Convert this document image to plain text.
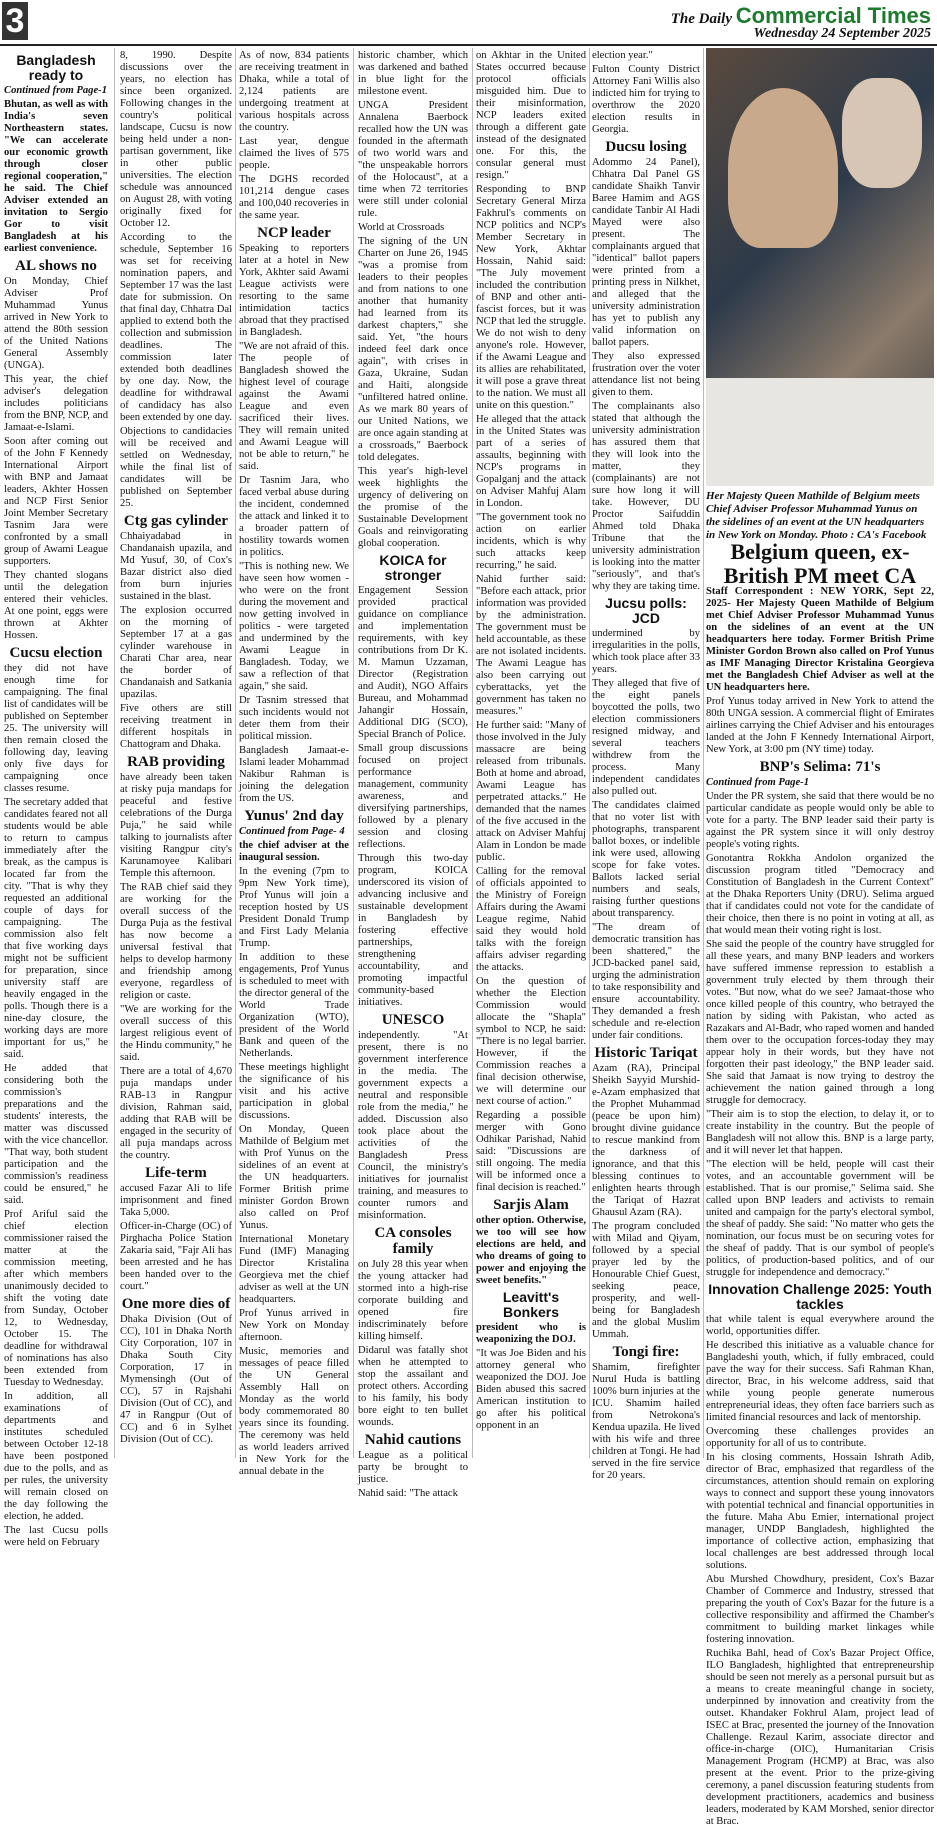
3	The Daily Commercial Times
Wednesday 24 September 2025
Bangladesh ready to

Continued from Page-1

Bhutan, as well as with India's seven Northeastern states. "We can accelerate our economic growth through closer regional cooperation," he said. The Chief Adviser extended an invitation to Sergio Gor to visit Bangladesh at his earliest convenience.

AL shows no

On Monday, Chief Adviser Prof Muhammad Yunus arrived in New York to attend the 80th session of the United Nations General Assembly (UNGA).

This year, the chief adviser's delegation includes politicians from the BNP, NCP, and Jamaat-e-Islami.

Soon after coming out of the John F Kennedy International Airport with BNP and Jamaat leaders, Akhter Hossen and NCP First Senior Joint Member Secretary Tasnim Jara were confronted by a small group of Awami League supporters.

They chanted slogans until the delegation entered their vehicles. At one point, eggs were thrown at Akhter Hossen.

Cucsu election

they did not have enough time for campaigning. The final list of candidates will be published on September 25. The university will then remain closed the following day, leaving only five days for campaigning once classes resume.

The secretary added that candidates feared not all students would be able to return to campus immediately after the break, as the campus is located far from the city. "That is why they requested an additional couple of days for campaigning. The commission also felt that five working days might not be sufficient for preparation, since university staff are heavily engaged in the polls. Though there is a nine-day closure, the working days are more important for us," he said.

He added that considering both the commission's preparations and the students' interests, the matter was discussed with the vice chancellor. "That way, both student participation and the commission's readiness could be ensured," he said.

Prof Ariful said the chief election commissioner raised the matter at the commission meeting, after which members unanimously decided to shift the voting date from Sunday, October 12, to Wednesday, October 15. The deadline for withdrawal of nominations has also been extended from Tuesday to Wednesday.

In addition, all examinations of departments and institutes scheduled between October 12-18 have been postponed due to the polls, and as per rules, the university will remain closed on the day following the election, he added.

The last Cucsu polls were held on February

8, 1990. Despite discussions over the years, no election has since been organized. Following changes in the country's political landscape, Cucsu is now being held under a non-partisan government, like in other public universities. The election schedule was announced on August 28, with voting originally fixed for October 12.

According to the schedule, September 16 was set for receiving nomination papers, and September 17 was the last date for submission. On that final day, Chhatra Dal applied to extend both the collection and submission deadlines. The commission later extended both deadlines by one day. Now, the deadline for withdrawal of candidacy has also been extended by one day.

Objections to candidacies will be received and settled on Wednesday, while the final list of candidates will be published on September 25.

Ctg gas cylinder

Chhaiyadabad in Chandanaish upazila, and Md Yusuf, 30, of Cox's Bazar district also died from burn injuries sustained in the blast.

The explosion occurred on the morning of September 17 at a gas cylinder warehouse in Charati Char area, near the border of Chandanaish and Satkania upazilas.

Five others are still receiving treatment in different hospitals in Chattogram and Dhaka.

RAB providing

have already been taken at risky puja mandaps for peaceful and festive celebrations of the Durga Puja," he said while talking to journalists after visiting Rangpur city's Karunamoyee Kalibari Temple this afternoon.

The RAB chief said they are working for the overall success of the Durga Puja as the festival has now become a universal festival that helps to develop harmony and friendship among everyone, regardless of religion or caste.

"We are working for the overall success of this largest religious event of the Hindu community," he said.

There are a total of 4,670 puja mandaps under RAB-13 in Rangpur division, Rahman said, adding that RAB will be engaged in the security of all puja mandaps across the country.

Life-term

accused Fazar Ali to life imprisonment and fined Taka 5,000.

Officer-in-Charge (OC) of Pirghacha Police Station Zakaria said, "Fajr Ali has been arrested and he has been handed over to the court."

One more dies of

Dhaka Division (Out of CC), 101 in Dhaka North City Corporation, 107 in Dhaka South City Corporation, 17 in Mymensingh (Out of CC), 57 in Rajshahi Division (Out of CC), and 47 in Rangpur (Out of CC) and 6 in Sylhet Division (Out of CC).

As of now, 834 patients are receiving treatment in Dhaka, while a total of 2,124 patients are undergoing treatment at various hospitals across the country.

Last year, dengue claimed the lives of 575 people.

The DGHS recorded 101,214 dengue cases and 100,040 recoveries in the same year.

NCP leader

Speaking to reporters later at a hotel in New York, Akhter said Awami League activists were resorting to the same intimidation tactics abroad that they practised in Bangladesh.

"We are not afraid of this. The people of Bangladesh showed the highest level of courage against the Awami League and even sacrificed their lives. They will remain united and Awami League will not be able to return," he said.

Dr Tasnim Jara, who faced verbal abuse during the incident, condemned the attack and linked it to a broader pattern of hostility towards women in politics.

"This is nothing new. We have seen how women - who were on the front during the movement and now getting involved in politics - were targeted and undermined by the Awami League in Bangladesh. Today, we saw a reflection of that again," she said.

Dr Tasnim stressed that such incidents would not deter them from their political mission.

Bangladesh Jamaat-e-Islami leader Mohammad Nakibur Rahman is joining the delegation from the US.

Yunus' 2nd day

Continued from Page- 4

the chief adviser at the inaugural session.

In the evening (7pm to 9pm New York time), Prof Yunus will join a reception hosted by US President Donald Trump and First Lady Melania Trump.

In addition to these engagements, Prof Yunus is scheduled to meet with the director general of the World Trade Organization (WTO), president of the World Bank and queen of the Netherlands.

These meetings highlight the significance of his visit and his active participation in global discussions.

On Monday, Queen Mathilde of Belgium met with Prof Yunus on the sidelines of an event at the UN headquarters. Former British prime minister Gordon Brown also called on Prof Yunus.

International Monetary Fund (IMF) Managing Director Kristalina Georgieva met the chief adviser as well at the UN headquarters.

Prof Yunus arrived in New York on Monday afternoon.

Music, memories and messages of peace filled the UN General Assembly Hall on Monday as the world body commemorated 80 years since its founding. The ceremony was held as world leaders arrived in New York for the annual debate in the

historic chamber, which was darkened and bathed in blue light for the milestone event.

UNGA President Annalena Baerbock recalled how the UN was founded in the aftermath of two world wars and "the unspeakable horrors of the Holocaust", at a time when 72 territories were still under colonial rule.

World at Crossroads

The signing of the UN Charter on June 26, 1945 "was a promise from leaders to their peoples and from nations to one another that humanity had learned from its darkest chapters," she said. Yet, "the hours indeed feel dark once again", with crises in Gaza, Ukraine, Sudan and Haiti, alongside "unfiltered hatred online. As we mark 80 years of our United Nations, we are once again standing at a crossroads," Baerbock told delegates.

This year's high-level week highlights the urgency of delivering on the promise of the Sustainable Development Goals and reinvigorating global cooperation.

KOICA for stronger

Engagement Session provided practical guidance on compliance and implementation requirements, with key contributions from Dr K. M. Mamun Uzzaman, Director (Registration and Audit), NGO Affairs Bureau, and Mohammad Jahangir Hossain, Additional DIG (SCO), Special Branch of Police.

Small group discussions focused on project performance management, community awareness, and diversifying partnerships, followed by a plenary session and closing reflections.

Through this two-day program, KOICA underscored its vision of advancing inclusive and sustainable development in Bangladesh by fostering effective partnerships, strengthening accountability, and promoting impactful community-based initiatives.

UNESCO

independently. "At present, there is no government interference in the media. The government expects a neutral and responsible role from the media," he added. Discussion also took place about the activities of the Bangladesh Press Council, the ministry's initiatives for journalist training, and measures to counter rumors and misinformation.

CA consoles family

on July 28 this year when the young attacker had stormed into a high-rise corporate building and opened fire indiscriminately before killing himself.

Didarul was fatally shot when he attempted to stop the assailant and protect others. According to his family, his body bore eight to ten bullet wounds.

Nahid cautions

League as a political party be brought to justice.

Nahid said: "The attack

on Akhtar in the United States occurred because protocol officials misguided him. Due to their misinformation, NCP leaders exited through a different gate instead of the designated one. For this, the consular general must resign."

Responding to BNP Secretary General Mirza Fakhrul's comments on NCP politics and NCP's Member Secretary in New York, Akhtar Hossain, Nahid said: "The July movement included the contribution of BNP and other anti-fascist forces, but it was NCP that led the struggle. We do not wish to deny anyone's role. However, if the Awami League and its allies are rehabilitated, it will pose a grave threat to the nation. We must all unite on this question."

He alleged that the attack in the United States was part of a series of assaults, beginning with NCP's programs in Gopalganj and the attack on Adviser Mahfuj Alam in London.

"The government took no action on earlier incidents, which is why such attacks keep recurring," he said.

Nahid further said: "Before each attack, prior information was provided by the administration. The government must be held accountable, as these are not isolated incidents. The Awami League has also been carrying out cyberattacks, yet the government has taken no measures."

He further said: "Many of those involved in the July massacre are being released from tribunals. Both at home and abroad, Awami League has perpetrated attacks." He demanded that the names of the five accused in the attack on Adviser Mahfuj Alam in London be made public.

Calling for the removal of officials appointed to the Ministry of Foreign Affairs during the Awami League regime, Nahid said they would hold talks with the foreign affairs adviser regarding the attacks.

On the question of whether the Election Commission would allocate the "Shapla" symbol to NCP, he said: "There is no legal barrier. However, if the Commission reaches a final decision otherwise, we will determine our next course of action."

Regarding a possible merger with Gono Odhikar Parishad, Nahid said: "Discussions are still ongoing. The media will be informed once a final decision is reached."

Sarjis Alam

other option. Otherwise, we too will see how elections are held, and who dreams of going to power and enjoying the sweet benefits."

Leavitt's Bonkers

president who is weaponizing the DOJ.

"It was Joe Biden and his attorney general who weaponized the DOJ. Joe Biden abused this sacred American institution to go after his political opponent in an

election year."

Fulton County District Attorney Fani Willis also indicted him for trying to overthrow the 2020 election results in Georgia.

Ducsu losing

Adommo 24 Panel), Chhatra Dal Panel GS candidate Shaikh Tanvir Baree Hamim and AGS candidate Tanbir Al Hadi Mayed were also present. The complainants argued that "identical" ballot papers were printed from a printing press in Nilkhet, and alleged that the university administration has yet to publish any valid information on ballot papers.

They also expressed frustration over the voter attendance list not being given to them.

The complainants also stated that although the university administration has assured them that they will look into the matter, they (complainants) are not sure how long it will take. However, DU Proctor Saifuddin Ahmed told Dhaka Tribune that the university administration is looking into the matter "seriously", and that's why they are taking time.

Jucsu polls: JCD

undermined by irregularities in the polls, which took place after 33 years.

They alleged that five of the eight panels boycotted the polls, two election commissioners resigned midway, and several teachers withdrew from the process. Many independent candidates also pulled out.

The candidates claimed that no voter list with photographs, transparent ballot boxes, or indelible ink were used, allowing scope for fake votes. Ballots lacked serial numbers and seals, raising further questions about transparency.

"The dream of democratic transition has been shattered," the JCD-backed panel said, urging the administration to take responsibility and ensure accountability. They demanded a fresh schedule and re-election under fair conditions.

Historic Tariqat

Azam (RA), Principal Sheikh Sayyid Murshid-e-Azam emphasized that the Prophet Muhammad (peace be upon him) brought divine guidance to rescue mankind from the darkness of ignorance, and that this blessing continues to enlighten hearts through the Tariqat of Hazrat Ghausul Azam (RA).

The program concluded with Milad and Qiyam, followed by a special prayer led by the Honourable Chief Guest, seeking peace, prosperity, and well-being for Bangladesh and the global Muslim Ummah.

Tongi fire:

Shamim, firefighter Nurul Huda is battling 100% burn injuries at the ICU. Shamim hailed from Netrokona's Kendua upazila. He lived with his wife and three children at Tongi. He had served in the fire service for 20 years.

Her Majesty Queen Mathilde of Belgium meets Chief Adviser Professor Muhammad Yunus on the sidelines of an event at the UN headquarters in New York on Monday. Photo : CA's Facebook
Belgium queen, ex-British PM meet CA

Staff Correspondent : NEW YORK, Sept 22, 2025- Her Majesty Queen Mathilde of Belgium met Chief Adviser Professor Muhammad Yunus on the sidelines of an event at the UN headquarters here today. Former British Prime Minister Gordon Brown also called on Prof Yunus as IMF Managing Director Kristalina Georgieva met the Bangladesh Chief Adviser as well at the UN headquarters here.

Prof Yunus today arrived in New York to attend the 80th UNGA session. A commercial flight of Emirates airlines carrying the Chief Adviser and his entourages landed at the John F Kennedy International Airport, New York, at 3:00 pm (NY time) today.

BNP's Selima: 71's

Continued from Page-1

Under the PR system, she said that there would be no particular candidate as people would only be able to vote for a party. The BNP leader said their party is against the PR system since it will only destroy people's voting rights.

Gonotantra Rokkha Andolon organized the discussion program titled "Democracy and Constitution of Bangladesh in the Current Context" at the Dhaka Reporters Unity (DRU). Selima argued that if candidates could not vote for the candidate of their choice, then there is no point in voting at all, as that would mean their voting right is lost.

She said the people of the country have struggled for all these years, and many BNP leaders and workers have suffered immense repression to establish a government truly elected by them through their votes. "But now, what do we see? Jamaat-those who once killed people of this country, who betrayed the nation by siding with Pakistan, who acted as Razakars and Al-Badr, who raped women and handed them over to the occupation forces-today they may appear holy in their words, but they have not forgotten their past ideology," the BNP leader said. She said that Jamaat is now trying to destroy the achievement the nation gained through a long struggle for democracy.

"Their aim is to stop the election, to delay it, or to create instability in the country. But the people of Bangladesh will not allow this. BNP is a large party, and it will never let that happen.

"The election will be held, people will cast their votes, and an accountable government will be established. That is our promise," Selima said. She called upon BNP leaders and activists to remain united and campaign for the party's electoral symbol, the sheaf of paddy. She said: "No matter who gets the nomination, our focus must be on securing votes for the sheaf of paddy. That is our symbol of people's politics, of production-based politics, and of our struggle for independence and democracy."

Innovation Challenge 2025: Youth tackles

that while talent is equal everywhere around the world, opportunities differ.

He described this initiative as a valuable chance for Bangladeshi youth, which, if fully embraced, could pave the way for their success. Safi Rahman Khan, director, Brac, in his welcome address, said that while young people generate numerous entrepreneurial ideas, they often face barriers such as limited financial resources and lack of mentorship.

Overcoming these challenges provides an opportunity for all of us to contribute.

In his closing comments, Hossain Ishrath Adib, director of Brac, emphasized that regardless of the circumstances, attention should remain on exploring ways to connect and support these young innovators with potential technical and financial opportunities in the future. Maha Abu Emier, international project manager, UNDP Bangladesh, highlighted the importance of collective action, emphasizing that local challenges are best addressed through local solutions.

Abu Murshed Chowdhury, president, Cox's Bazar Chamber of Commerce and Industry, stressed that preparing the youth of Cox's Bazar for the future is a collective responsibility and affirmed the Chamber's commitment to building market linkages while fostering innovation.

Ruchika Bahl, head of Cox's Bazar Project Office, ILO Bangladesh, highlighted that entrepreneurship should be seen not merely as a personal pursuit but as a means to create meaningful change in society, underpinned by innovation and creativity from the outset. Khandaker Fokhrul Alam, project lead of ISEC at Brac, presented the journey of the Innovation Challenge. Rezaul Karim, associate director and office-in-charge (OIC), Humanitarian Crisis Management Program (HCMP) at Brac, was also present at the event. Prior to the prize-giving ceremony, a panel discussion featuring students from development practitioners, academics and business leaders, moderated by KAM Morshed, senior director at Brac.
